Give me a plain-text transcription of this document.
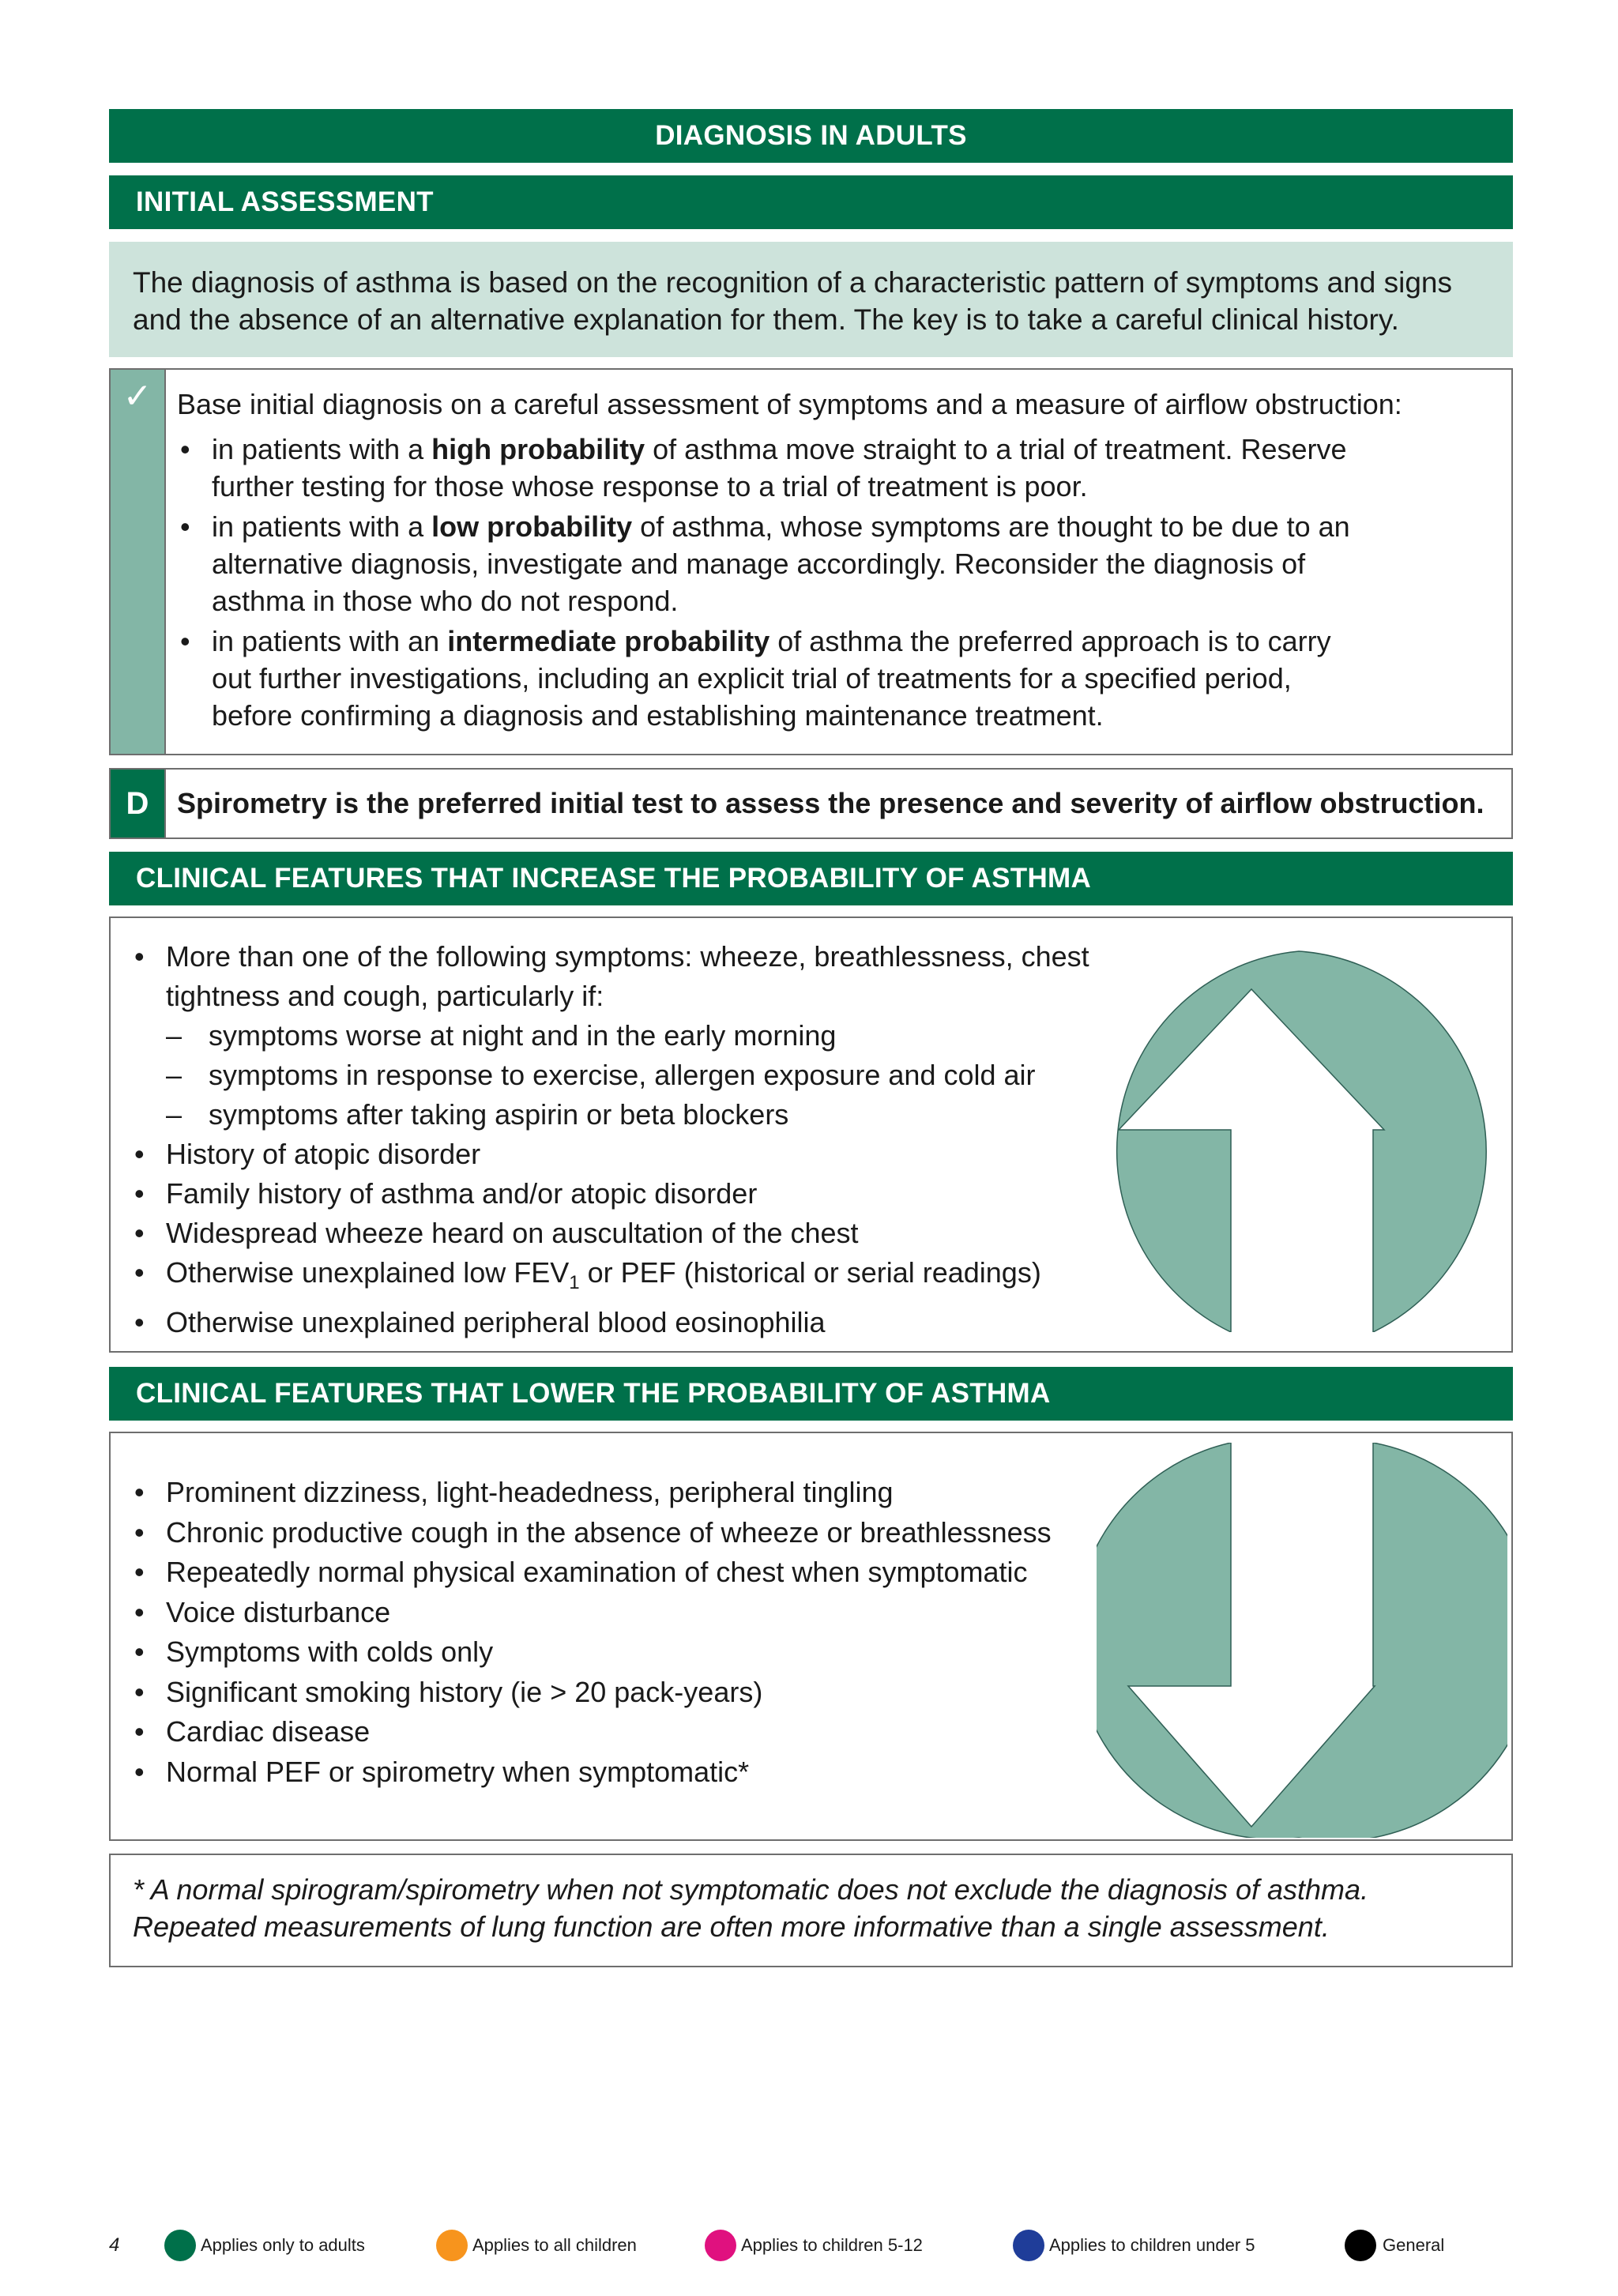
DIAGNOSIS IN ADULTS
INITIAL ASSESSMENT
The diagnosis of asthma is based on the recognition of a characteristic pattern of symptoms and signs and the absence of an alternative explanation for them. The key is to take a careful clinical history.
✓ Base initial diagnosis on a careful assessment of symptoms and a measure of airflow obstruction:
• in patients with a high probability of asthma move straight to a trial of treatment. Reserve further testing for those whose response to a trial of treatment is poor.
• in patients with a low probability of asthma, whose symptoms are thought to be due to an alternative diagnosis, investigate and manage accordingly. Reconsider the diagnosis of asthma in those who do not respond.
• in patients with an intermediate probability of asthma the preferred approach is to carry out further investigations, including an explicit trial of treatments for a specified period, before confirming a diagnosis and establishing maintenance treatment.
D Spirometry is the preferred initial test to assess the presence and severity of airflow obstruction.
CLINICAL FEATURES THAT INCREASE THE PROBABILITY OF ASTHMA
• More than one of the following symptoms: wheeze, breathlessness, chest tightness and cough, particularly if:
– symptoms worse at night and in the early morning
– symptoms in response to exercise, allergen exposure and cold air
– symptoms after taking aspirin or beta blockers
• History of atopic disorder
• Family history of asthma and/or atopic disorder
• Widespread wheeze heard on auscultation of the chest
• Otherwise unexplained low $FEV_1$ or PEF (historical or serial readings)
• Otherwise unexplained peripheral blood eosinophilia
CLINICAL FEATURES THAT LOWER THE PROBABILITY OF ASTHMA
• Prominent dizziness, light-headedness, peripheral tingling
• Chronic productive cough in the absence of wheeze or breathlessness
• Repeatedly normal physical examination of chest when symptomatic
• Voice disturbance
• Symptoms with colds only
• Significant smoking history (ie > 20 pack-years)
• Cardiac disease
• Normal PEF or spirometry when symptomatic*
* A normal spirogram/spirometry when not symptomatic does not exclude the diagnosis of asthma. Repeated measurements of lung function are often more informative than a single assessment.
4	Applies only to adults	Applies to all children	Applies to children 5-12	Applies to children under 5	General
